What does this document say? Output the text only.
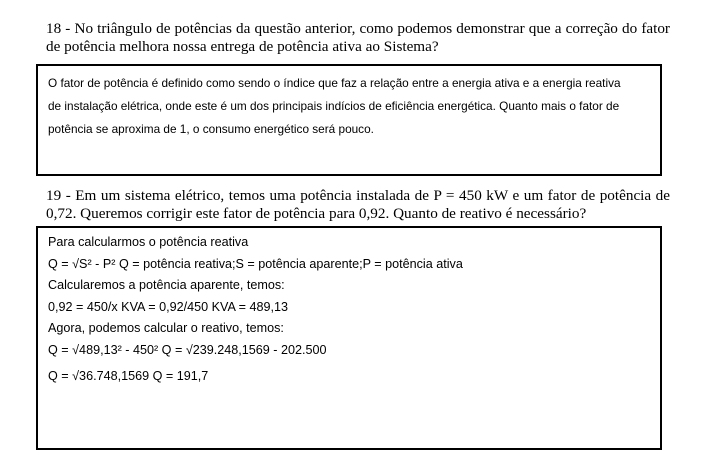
18 - No triângulo de potências da questão anterior, como podemos demonstrar que a correção do fator de potência melhora nossa entrega de potência ativa ao Sistema?
O fator de potência é definido como sendo o índice que faz a relação entre a energia ativa e a energia reativa
de instalação elétrica, onde este é um dos principais indícios de eficiência energética. Quanto mais o fator de
potência se aproxima de 1, o consumo energético será pouco.
19 - Em um sistema elétrico, temos uma potência instalada de P = 450 kW e um fator de potência de 0,72. Queremos corrigir este fator de potência para 0,92. Quanto de reativo é necessário?
Para calcularmos o potência reativa
Q = √S² - P² Q = potência reativa;S = potência aparente;P = potência ativa
Calcularemos a potência aparente, temos:
0,92 = 450/x KVA = 0,92/450 KVA = 489,13
Agora, podemos calcular o reativo, temos:
Q = √489,13² - 450² Q = √239.248,1569 - 202.500
Q = √36.748,1569 Q = 191,7
